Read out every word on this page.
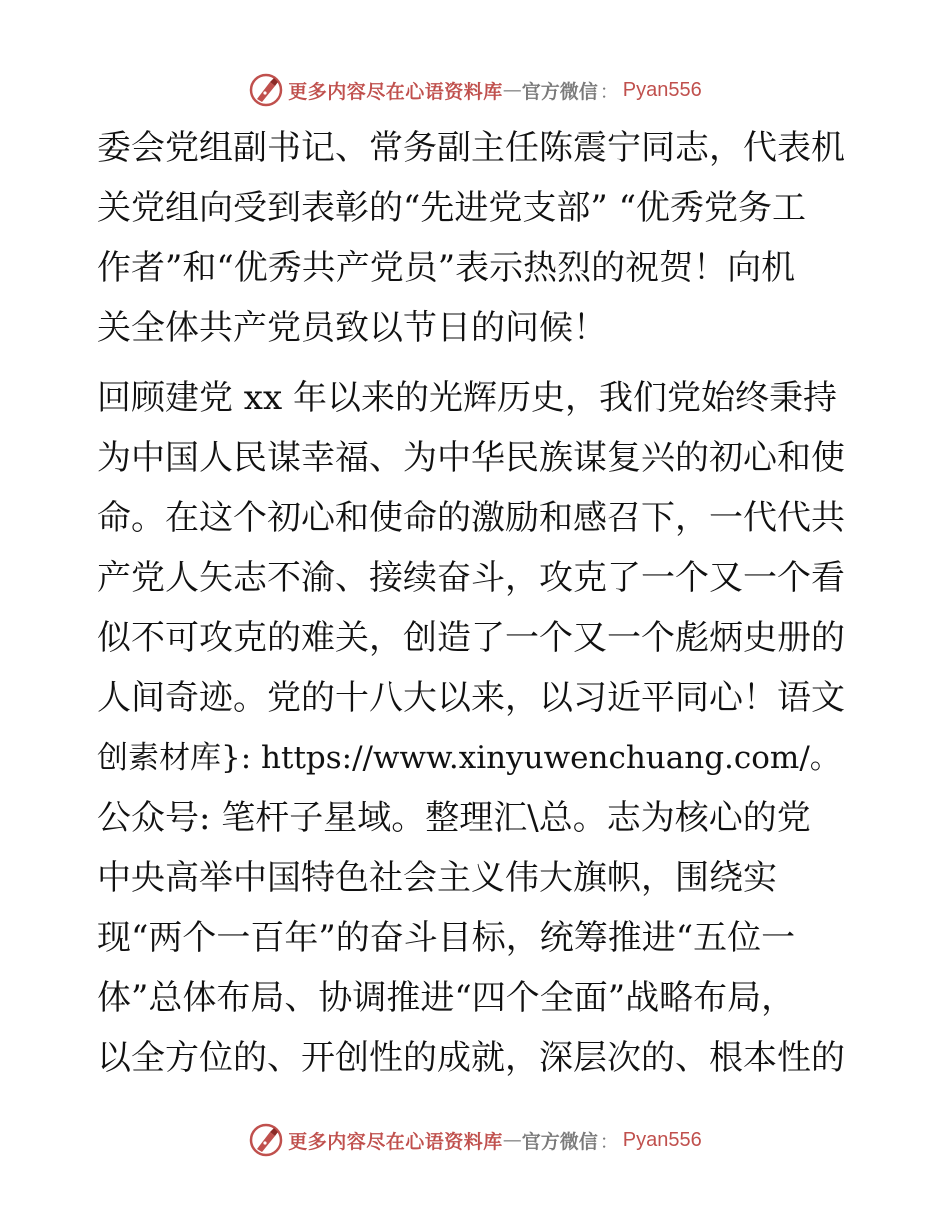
更多内容尽在心语资料库 — 官方微信 ： Pyan556
委会党组副书记、常务副主任陈震宁同志，代表机
关党组向受到表彰的“先进党支部” “优秀党务工
作者”和“优秀共产党员”表示热烈的祝贺！向机
关全体共产党员致以节日的问候！
回顾建党 xx 年以来的光辉历史，我们党始终秉持
为中国人民谋幸福、为中华民族谋复兴的初心和使
命。在这个初心和使命的激励和感召下，一代代共
产党人矢志不渝、接续奋斗，攻克了一个又一个看
似不可攻克的难关，创造了一个又一个彪炳史册的
人间奇迹。党的十八大以来，以习近平同心！语文
创素材库}: https://www.xinyuwenchuang.com/。
公众号: 笔杆子星域。整理汇\总。志为核心的党
中央高举中国特色社会主义伟大旗帜，围绕实
现“两个一百年”的奋斗目标，统筹推进“五位一
体”总体布局、协调推进“四个全面”战略布局，
以全方位的、开创性的成就，深层次的、根本性的
更多内容尽在心语资料库 — 官方微信 ： Pyan556
